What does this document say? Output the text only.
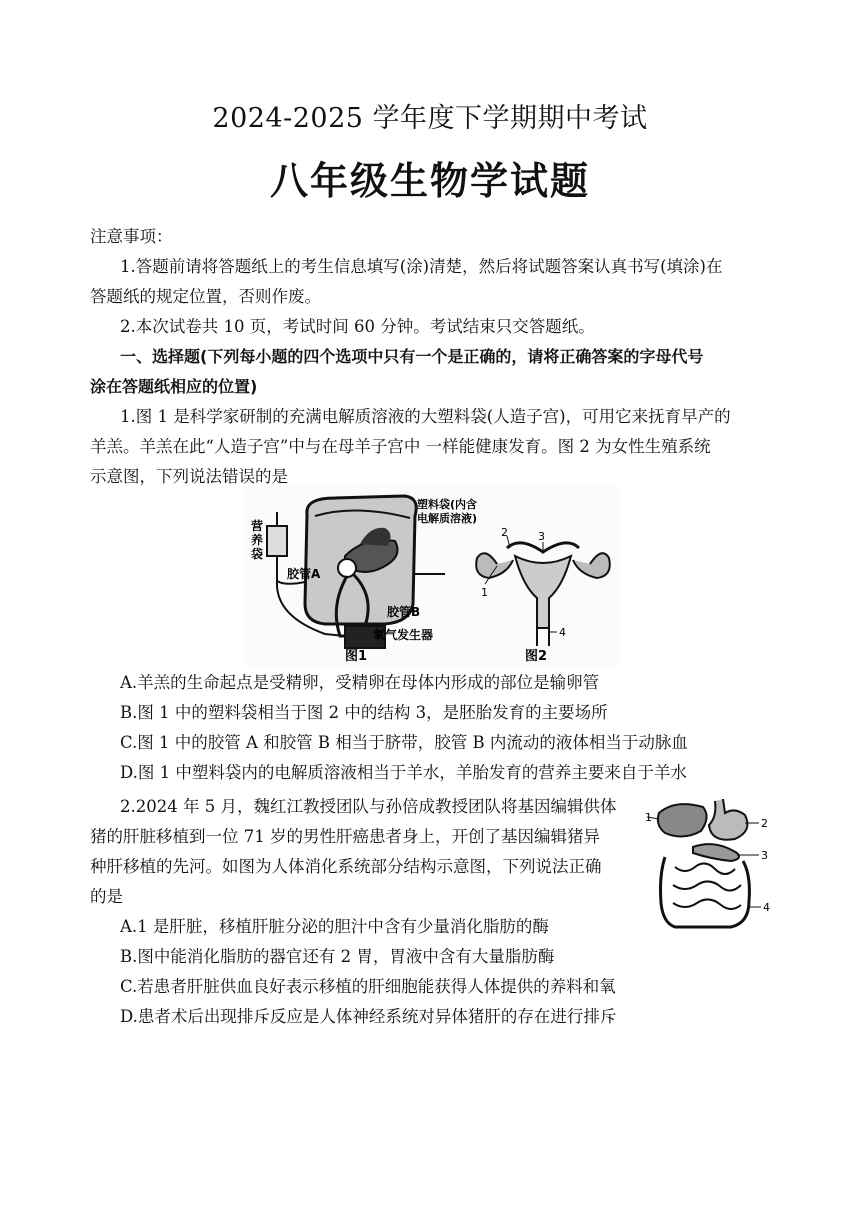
2024-2025 学年度下学期期中考试
八年级生物学试题
注意事项：
1.答题前请将答题纸上的考生信息填写(涂)清楚，然后将试题答案认真书写(填涂)在
答题纸的规定位置，否则作废。
2.本次试卷共 10 页，考试时间 60 分钟。考试结束只交答题纸。
一、选择题(下列每小题的四个选项中只有一个是正确的，请将正确答案的字母代号
涂在答题纸相应的位置)
1.图 1 是科学家研制的充满电解质溶液的大塑料袋(人造子宫)，可用它来抚育早产的
羊羔。羊羔在此“人造子宫”中与在母羊子宫中 一样能健康发育。图 2 为女性生殖系统
示意图，下列说法错误的是
营
养
袋
塑料袋(内含
电解质溶液)
胶管A
胶管B
氧气发生器
图1
1
2	3
4
图2
A.羊羔的生命起点是受精卵，受精卵在母体内形成的部位是输卵管
B.图 1 中的塑料袋相当于图 2 中的结构 3，是胚胎发育的主要场所
C.图 1 中的胶管 A 和胶管 B 相当于脐带，胶管 B 内流动的液体相当于动脉血
D.图 1 中塑料袋内的电解质溶液相当于羊水，羊胎发育的营养主要来自于羊水
2.2024 年 5 月，魏红江教授团队与孙倍成教授团队将基因编辑供体
猪的肝脏移植到一位 71 岁的男性肝癌患者身上，开创了基因编辑猪异
种肝移植的先河。如图为人体消化系统部分结构示意图，下列说法正确
的是
1	2
3
4
A.1 是肝脏，移植肝脏分泌的胆汁中含有少量消化脂肪的酶
B.图中能消化脂肪的器官还有 2 胃，胃液中含有大量脂肪酶
C.若患者肝脏供血良好表示移植的肝细胞能获得人体提供的养料和氧
D.患者术后出现排斥反应是人体神经系统对异体猪肝的存在进行排斥
